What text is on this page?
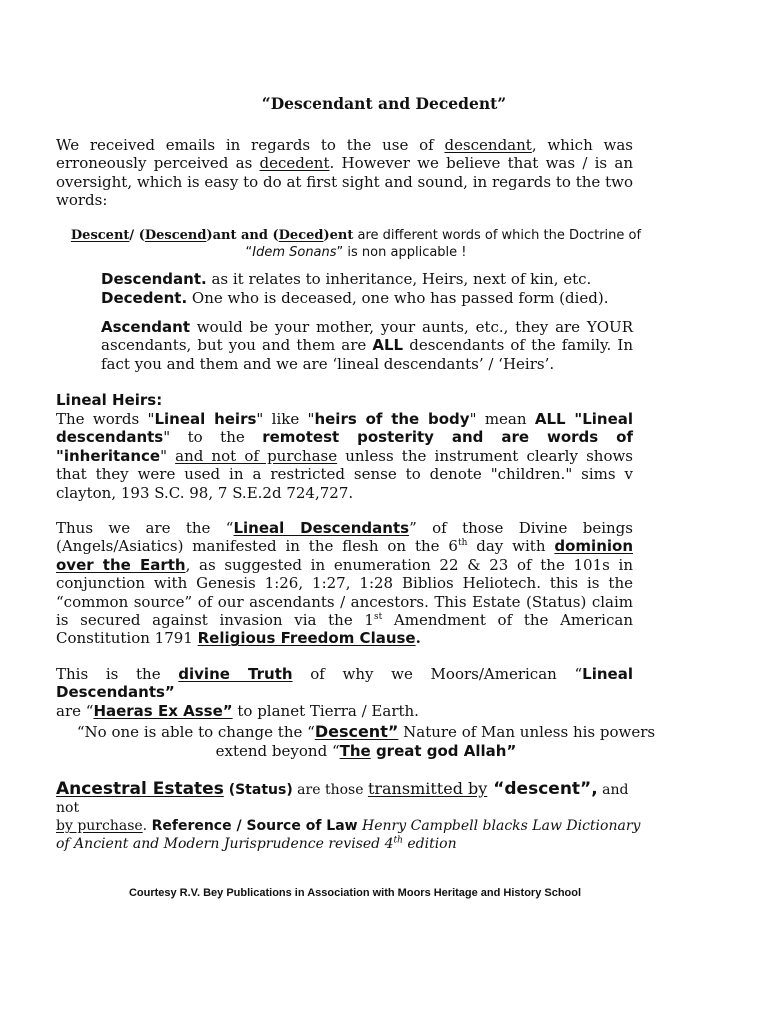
“Descendant and Decedent”
We received emails in regards to the use of descendant, which was erroneously perceived as decedent. However we believe that was / is an oversight, which is easy to do at first sight and sound, in regards to the two words:
Descent/ (Descend)ant and (Deced)ent are different words of which the Doctrine of
“Idem Sonans” is non applicable !
Descendant. as it relates to inheritance, Heirs, next of kin, etc.
Decedent. One who is deceased, one who has passed form (died).
Ascendant would be your mother, your aunts, etc., they are YOUR ascendants, but you and them are ALL descendants of the family. In fact you and them and we are ‘lineal descendants’ / ‘Heirs’.
Lineal Heirs:
The words "Lineal heirs" like "heirs of the body" mean ALL "Lineal descendants" to the remotest posterity and are words of "inheritance" and not of purchase unless the instrument clearly shows that they were used in a restricted sense to denote "children." sims v clayton, 193 S.C. 98, 7 S.E.2d 724,727.
Thus we are the “Lineal Descendants” of those Divine beings (Angels/Asiatics) manifested in the flesh on the 6th day with dominion over the Earth, as suggested in enumeration 22 & 23 of the 101s in conjunction with Genesis 1:26, 1:27, 1:28 Biblios Heliotech. this is the “common source” of our ascendants / ancestors. This Estate (Status) claim is secured against invasion via the 1st Amendment of the American Constitution 1791 Religious Freedom Clause.
This is the divine Truth of why we Moors/American “Lineal Descendants”
are “Haeras Ex Asse” to planet Tierra / Earth.
“No one is able to change the “Descent” Nature of Man unless his powers
extend beyond “The great god Allah”
Ancestral Estates (Status) are those transmitted by “descent”, and not
by purchase. Reference / Source of Law Henry Campbell blacks Law Dictionary of Ancient and Modern Jurisprudence revised 4th edition
Courtesy R.V. Bey Publications in Association with Moors Heritage and History School
